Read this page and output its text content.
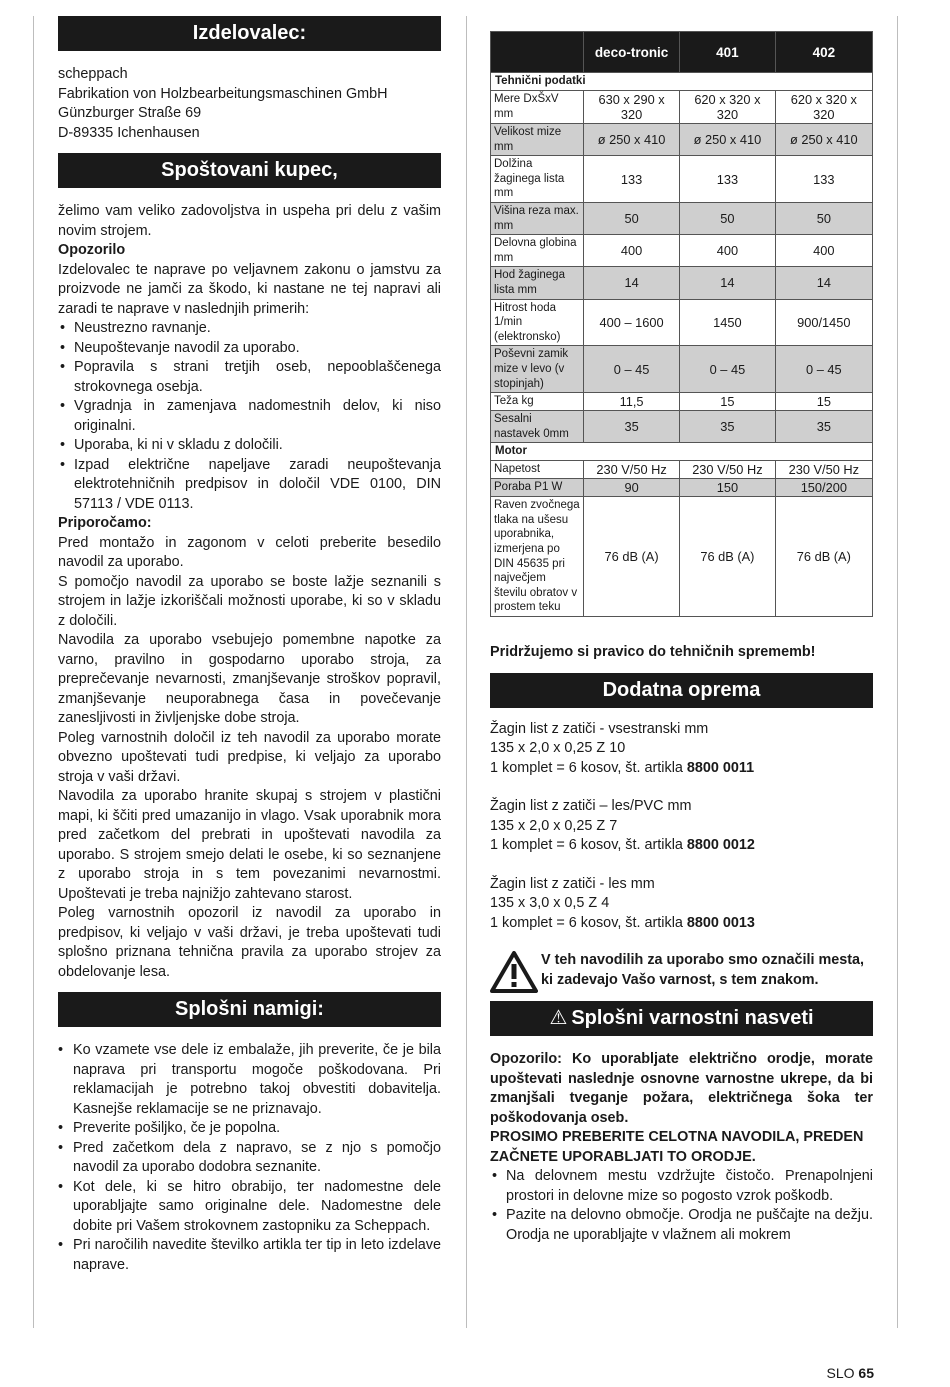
Izdelovalec:

scheppach

Fabrikation von Holzbearbeitungsmaschinen GmbH

Günzburger Straße 69

D-89335 Ichenhausen

Spoštovani kupec,

želimo vam veliko zadovoljstva in uspeha pri delu z vašim novim strojem.

Opozorilo

Izdelovalec te naprave po veljavnem zakonu o jamstvu za proizvode ne jamči za škodo, ki nastane ne tej napravi ali zaradi te naprave v naslednjih primerih:

• Neustrezno ravnanje.
• Neupoštevanje navodil za uporabo.
• Popravila s strani tretjih oseb, nepooblaščenega strokovnega osebja.
• Vgradnja in zamenjava nadomestnih delov, ki niso originalni.
• Uporaba, ki ni v skladu z določili.
• Izpad električne napeljave zaradi neupoštevanja elektrotehničnih predpisov in določil VDE 0100, DIN 57113 / VDE 0113.

Priporočamo:

Pred montažo in zagonom v celoti preberite besedilo navodil za uporabo.

S pomočjo navodil za uporabo se boste lažje seznanili s strojem in lažje izkoriščali možnosti uporabe, ki so v skladu z določili.

Navodila za uporabo vsebujejo pomembne napotke za varno, pravilno in gospodarno uporabo stroja, za preprečevanje nevarnosti, zmanjševanje stroškov popravil, zmanjševanje neuporabnega časa in povečevanje zanesljivosti in življenjske dobe stroja.

Poleg varnostnih določil iz teh navodil za uporabo morate obvezno upoštevati tudi predpise, ki veljajo za uporabo stroja v vaši državi.

Navodila za uporabo hranite skupaj s strojem v plastični mapi, ki ščiti pred umazanijo in vlago. Vsak uporabnik mora pred začetkom del prebrati in upoštevati navodila za uporabo. S strojem smejo delati le osebe, ki so seznanjene z uporabo stroja in s tem povezanimi nevarnostmi. Upoštevati je treba najnižjo zahtevano starost.

Poleg varnostnih opozoril iz navodil za uporabo in predpisov, ki veljajo v vaši državi, je treba upoštevati tudi splošno priznana tehnična pravila za uporabo strojev za obdelovanje lesa.

Splošni namigi:
• Ko vzamete vse dele iz embalaže, jih preverite, če je bila naprava pri transportu mogoče poškodovana. Pri reklamacijah je potrebno takoj obvestiti dobavitelja. Kasnejše reklamacije se ne priznavajo.
• Preverite pošiljko, če je popolna.
• Pred začetkom dela z napravo, se z njo s pomočjo navodil za uporabo dodobra seznanite.
• Kot dele, ki se hitro obrabijo, ter nadomestne dele uporabljajte samo originalne dele. Nadomestne dele dobite pri Vašem strokovnem zastopniku za Scheppach.
• Pri naročilih navedite številko artikla ter tip in leto izdelave naprave.
	deco-tronic	401	402
Tehnični podatki			
Mere DxŠxV mm	630 x 290 x 320	620 x 320 x 320	620 x 320 x 320
Velikost mize mm	ø 250 x 410	ø 250 x 410	ø 250 x 410
Dolžina žaginega lista mm	133	133	133
Višina reza max. mm	50	50	50
Delovna globina mm	400	400	400
Hod žaginega lista mm	14	14	14
Hitrost hoda 1/min (elektronsko)	400 – 1600	1450	900/1450
Poševni zamik mize v levo (v stopinjah)	0 – 45	0 – 45	0 – 45
Teža kg	11,5	15	15
Sesalni nastavek 0mm	35	35	35
Motor			
Napetost	230 V/50 Hz	230 V/50 Hz	230 V/50 Hz
Poraba P1 W	90	150	150/200
Raven zvočnega tlaka na ušesu uporabnika, izmerjena po DIN 45635 pri največjem številu obratov v prostem teku	76 dB (A)	76 dB (A)	76 dB (A)

Pridržujemo si pravico do tehničnih sprememb!

Dodatna oprema

Žagin list z zatiči - vsestranski mm

135 x 2,0 x 0,25 Z 10

1 komplet = 6 kosov, št. artikla 8800 0011

Žagin list z zatiči – les/PVC mm

135 x 2,0 x 0,25 Z 7

1 komplet = 6 kosov, št. artikla 8800 0012

Žagin list z zatiči - les mm

135 x 3,0 x 0,5 Z 4

1 komplet = 6 kosov, št. artikla 8800 0013

V teh navodilih za uporabo smo označili mesta, ki zadevajo Vašo varnost, s tem znakom.

⚠ Splošni varnostni nasveti

Opozorilo: Ko uporabljate električno orodje, morate upoštevati naslednje osnovne varnostne ukrepe, da bi zmanjšali tveganje požara, električnega šoka ter poškodovanja oseb.

PROSIMO PREBERITE CELOTNA NAVODILA, PREDEN ZAČNETE UPORABLJATI TO ORODJE.

• Na delovnem mestu vzdržujte čistočo. Prenapolnjeni prostori in delovne mize so pogosto vzrok poškodb.
• Pazite na delovno območje. Orodja ne puščajte na dežju. Orodja ne uporabljajte v vlažnem ali mokrem
SLO 65
